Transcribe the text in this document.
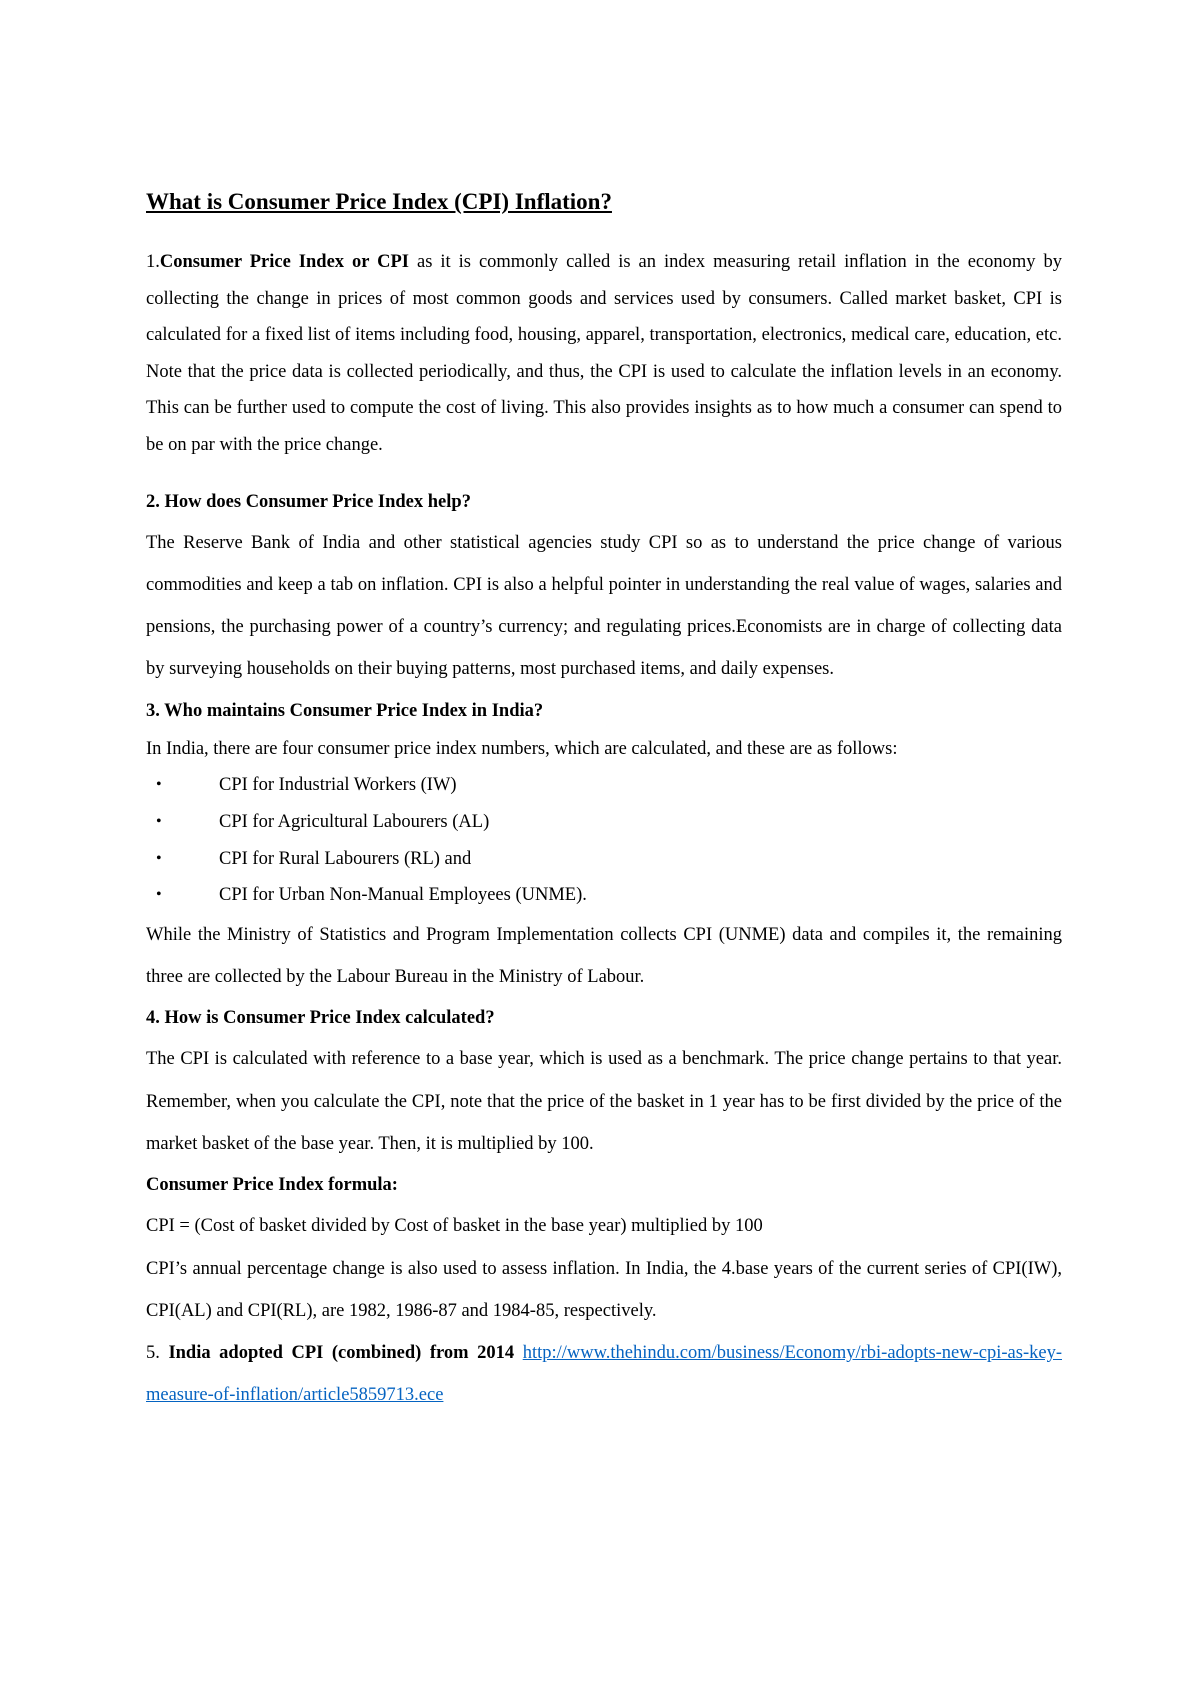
What is Consumer Price Index (CPI) Inflation?

1.Consumer Price Index or CPI as it is commonly called is an index measuring retail inflation in the economy by collecting the change in prices of most common goods and services used by consumers. Called market basket, CPI is calculated for a fixed list of items including food, housing, apparel, transportation, electronics, medical care, education, etc. Note that the price data is collected periodically, and thus, the CPI is used to calculate the inflation levels in an economy. This can be further used to compute the cost of living. This also provides insights as to how much a consumer can spend to be on par with the price change.

2. How does Consumer Price Index help?

The Reserve Bank of India and other statistical agencies study CPI so as to understand the price change of various commodities and keep a tab on inflation. CPI is also a helpful pointer in understanding the real value of wages, salaries and pensions, the purchasing power of a country’s currency; and regulating prices.Economists are in charge of collecting data by surveying households on their buying patterns, most purchased items, and daily expenses.

3. Who maintains Consumer Price Index in India?

In India, there are four consumer price index numbers, which are calculated, and these are as follows:

•	CPI for Industrial Workers (IW)
•	CPI for Agricultural Labourers (AL)
•	CPI for Rural Labourers (RL) and
•	CPI for Urban Non-Manual Employees (UNME).

While the Ministry of Statistics and Program Implementation collects CPI (UNME) data and compiles it, the remaining three are collected by the Labour Bureau in the Ministry of Labour.

4. How is Consumer Price Index calculated?

The CPI is calculated with reference to a base year, which is used as a benchmark. The price change pertains to that year. Remember, when you calculate the CPI, note that the price of the basket in 1 year has to be first divided by the price of the market basket of the base year. Then, it is multiplied by 100.

Consumer Price Index formula:

CPI = (Cost of basket divided by Cost of basket in the base year) multiplied by 100

CPI’s annual percentage change is also used to assess inflation. In India, the 4.base years of the current series of CPI(IW), CPI(AL) and CPI(RL), are 1982, 1986-87 and 1984-85, respectively.

5. India adopted CPI (combined) from 2014 http://www.thehindu.com/business/Economy/rbi-adopts-new-cpi-as-key-measure-of-inflation/article5859713.ece
